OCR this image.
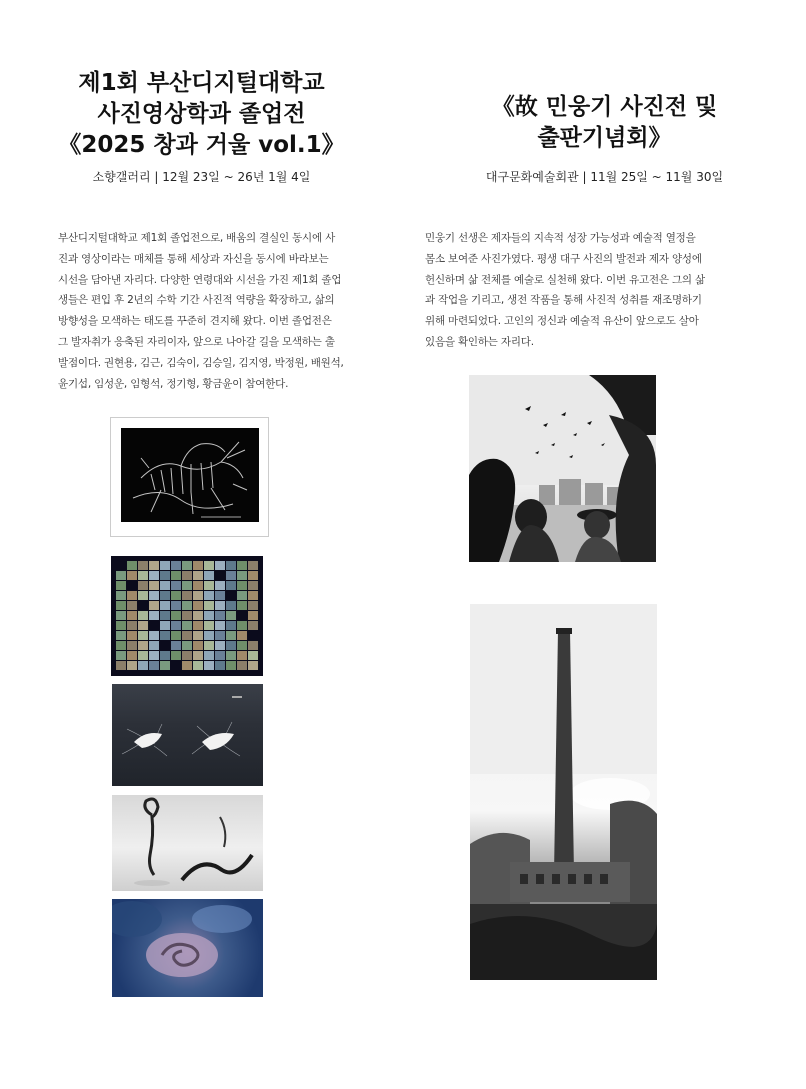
제1회 부산디지털대학교
사진영상학과 졸업전
《2025 창과 거울 vol.1》
소향갤러리 | 12월 23일 ~ 26년 1월 4일
부산디지털대학교 제1회 졸업전으로, 배움의 결실인 동시에 사
진과 영상이라는 매체를 통해 세상과 자신을 동시에 바라보는
시선을 담아낸 자리다. 다양한 연령대와 시선을 가진 제1회 졸업
생들은 편입 후 2년의 수학 기간 사진적 역량을 확장하고, 삶의
방향성을 모색하는 태도를 꾸준히 견지해 왔다. 이번 졸업전은
그 발자취가 응축된 자리이자, 앞으로 나아갈 길을 모색하는 출
발점이다. 권현용, 김근, 김숙이, 김승일, 김지영, 박정원, 배원석,
윤기섭, 임성운, 임형석, 정기형, 황금윤이 참여한다.
《故 민웅기 사진전 및
출판기념회》
대구문화예술회관 | 11월 25일 ~ 11월 30일
민웅기 선생은 제자들의 지속적 성장 가능성과 예술적 열정을
몸소 보여준 사진가였다. 평생 대구 사진의 발전과 제자 양성에
헌신하며 삶 전체를 예술로 실천해 왔다. 이번 유고전은 그의 삶
과 작업을 기리고, 생전 작품을 통해 사진적 성취를 재조명하기
위해 마련되었다. 고인의 정신과 예술적 유산이 앞으로도 살아
있음을 확인하는 자리다.
